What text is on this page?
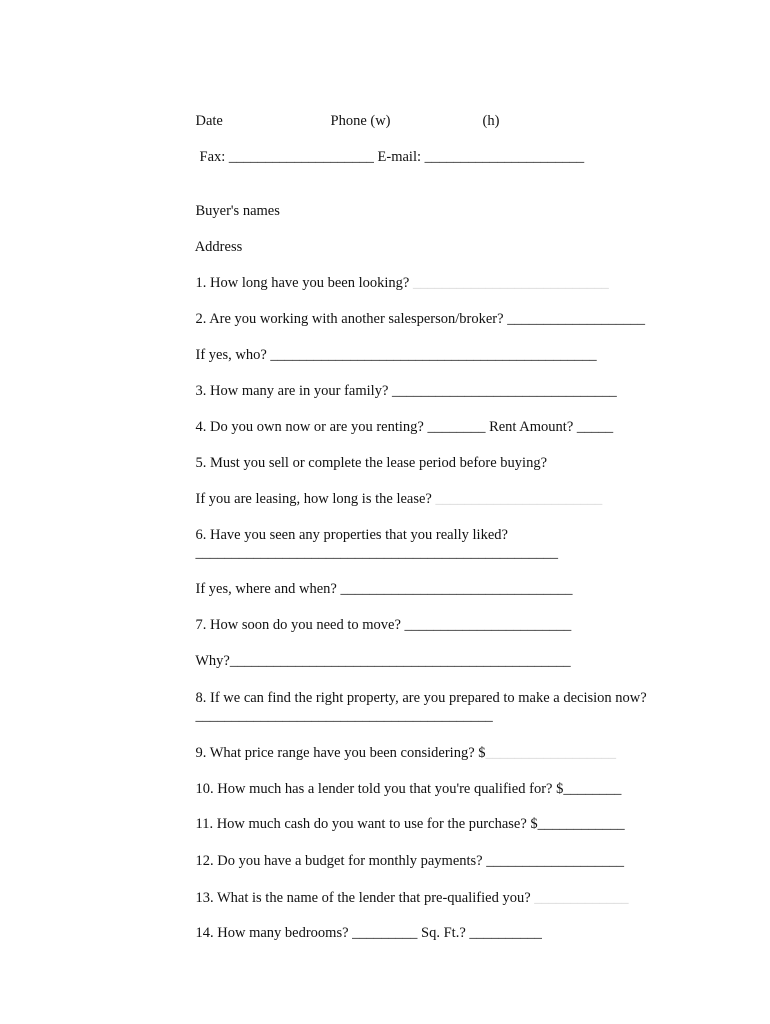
Date
	Phone (w)
	(h)

Fax: ____________________ E-mail: ______________________

Buyer's names

Address

1. How long have you been looking? ___________________________

2. Are you working with another salesperson/broker? ___________________

If yes, who? _____________________________________________

3. How many are in your family? _______________________________

4. Do you own now or are you renting? ________ Rent Amount? _____

5. Must you sell or complete the lease period before buying?

If you are leasing, how long is the lease? _______________________

6. Have you seen any properties that you really liked?

__________________________________________________

If yes, where and when? ________________________________

7. How soon do you need to move? _______________________

Why?_______________________________________________

8. If we can find the right property, are you prepared to make a decision now?

_________________________________________

9. What price range have you been considering? $__________________

10. How much has a lender told you that you're qualified for? $________

11. How much cash do you want to use for the purchase? $____________

12. Do you have a budget for monthly payments? ___________________

13. What is the name of the lender that pre-qualified you? _____________

14. How many bedrooms? _________ Sq. Ft.? __________
